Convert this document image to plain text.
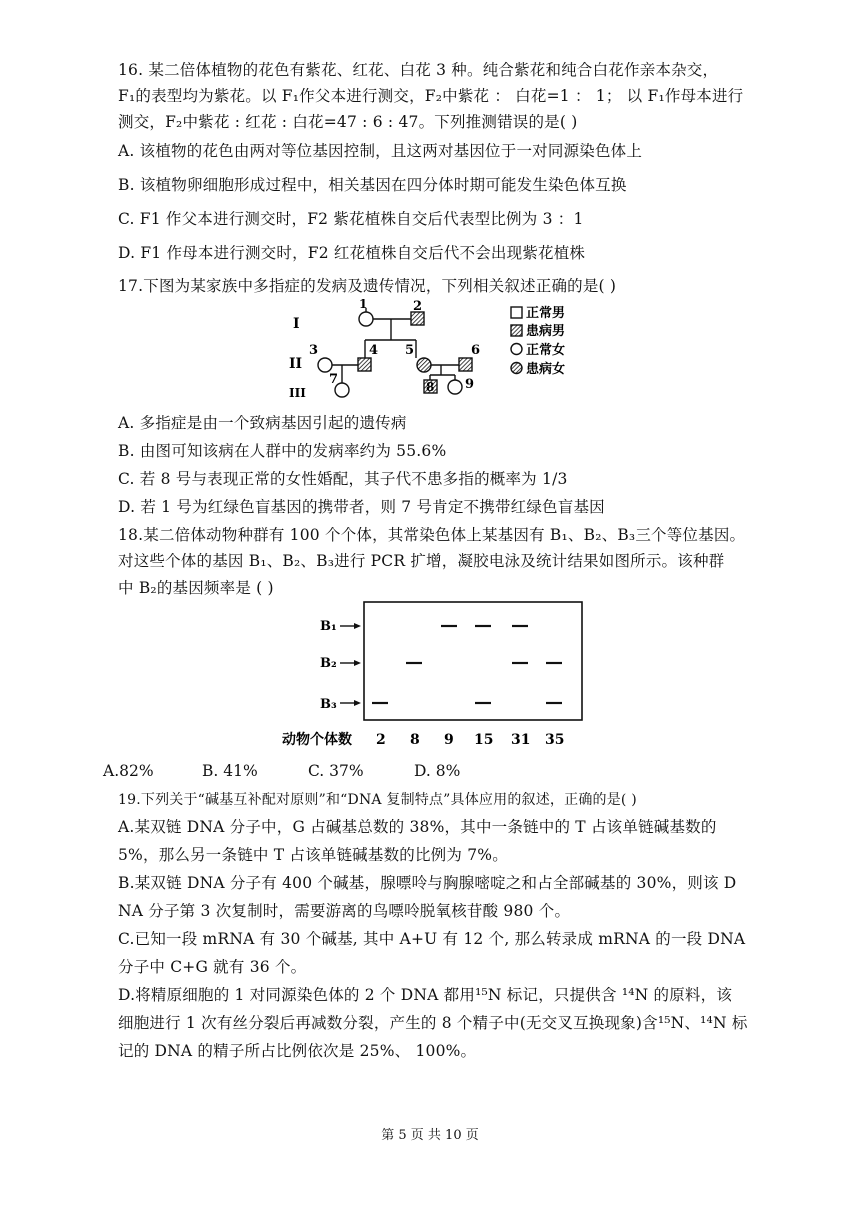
16. 某二倍体植物的花色有紫花、红花、白花 3 种。纯合紫花和纯合白花作亲本杂交，
F₁的表型均为紫花。以 F₁作父本进行测交，F₂中紫花 ： 白花=1 ： 1； 以 F₁作母本进行
测交，F₂中紫花 : 红花 : 白花=47 : 6 : 47。下列推测错误的是( )
A. 该植物的花色由两对等位基因控制，且这两对基因位于一对同源染色体上
B. 该植物卵细胞形成过程中，相关基因在四分体时期可能发生染色体互换
C. F1 作父本进行测交时，F2 紫花植株自交后代表型比例为 3 ：1
D. F1 作母本进行测交时，F2 红花植株自交后代不会出现紫花植株
17.下图为某家族中多指症的发病及遗传情况，下列相关叙述正确的是( )
I
II
III
1	2
3	4 5	6
7	8 9
正常男
患病男
正常女
患病女
A. 多指症是由一个致病基因引起的遗传病
B. 由图可知该病在人群中的发病率约为 55.6%
C. 若 8 号与表现正常的女性婚配，其子代不患多指的概率为 1/3
D. 若 1 号为红绿色盲基因的携带者，则 7 号肯定不携带红绿色盲基因
18.某二倍体动物种群有 100 个个体，其常染色体上某基因有 B₁、B₂、B₃三个等位基因。
对这些个体的基因 B₁、B₂、B₃进行 PCR 扩增，凝胶电泳及统计结果如图所示。该种群
中 B₂的基因频率是 ( )
B₁
B₂
B₃
动物个体数 2 8 9 15 31 35
A.82%	B. 41%	C. 37%	D. 8%
19.下列关于“碱基互补配对原则”和“DNA 复制特点”具体应用的叙述，正确的是( )
A.某双链 DNA 分子中，G 占碱基总数的 38%，其中一条链中的 T 占该单链碱基数的
5%，那么另一条链中 T 占该单链碱基数的比例为 7%。
B.某双链 DNA 分子有 400 个碱基，腺嘌呤与胸腺嘧啶之和占全部碱基的 30%，则该 D
NA 分子第 3 次复制时，需要游离的鸟嘌呤脱氧核苷酸 980 个。
C.已知一段 mRNA 有 30 个碱基, 其中 A+U 有 12 个, 那么转录成 mRNA 的一段 DNA
分子中 C+G 就有 36 个。
D.将精原细胞的 1 对同源染色体的 2 个 DNA 都用¹⁵N 标记，只提供含 ¹⁴N 的原料，该
细胞进行 1 次有丝分裂后再减数分裂，产生的 8 个精子中(无交叉互换现象)含¹⁵N、¹⁴N 标
记的 DNA 的精子所占比例依次是 25%、 100%。
第 5 页 共 10 页
